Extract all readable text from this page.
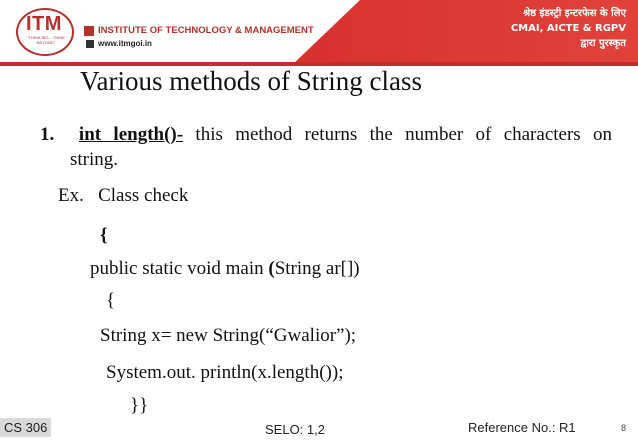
ITM
"THINK BIG... THINK BEYOND"
INSTITUTE OF TECHNOLOGY & MANAGEMENT
www.itmgoi.in
श्रेष्ठ इंडस्ट्री इन्टरफेस के लिए
CMAI, AICTE & RGPV
द्वारा पुरस्कृत
Various methods of String class
1. int length()- this method returns the number of characters on
string.
Ex. Class check
{
public static void main (String ar[])
{
String x= new String(“Gwalior”);
System.out. println(x.length());
}}
CS 306	SELO: 1,2	Reference No.: R1	8
